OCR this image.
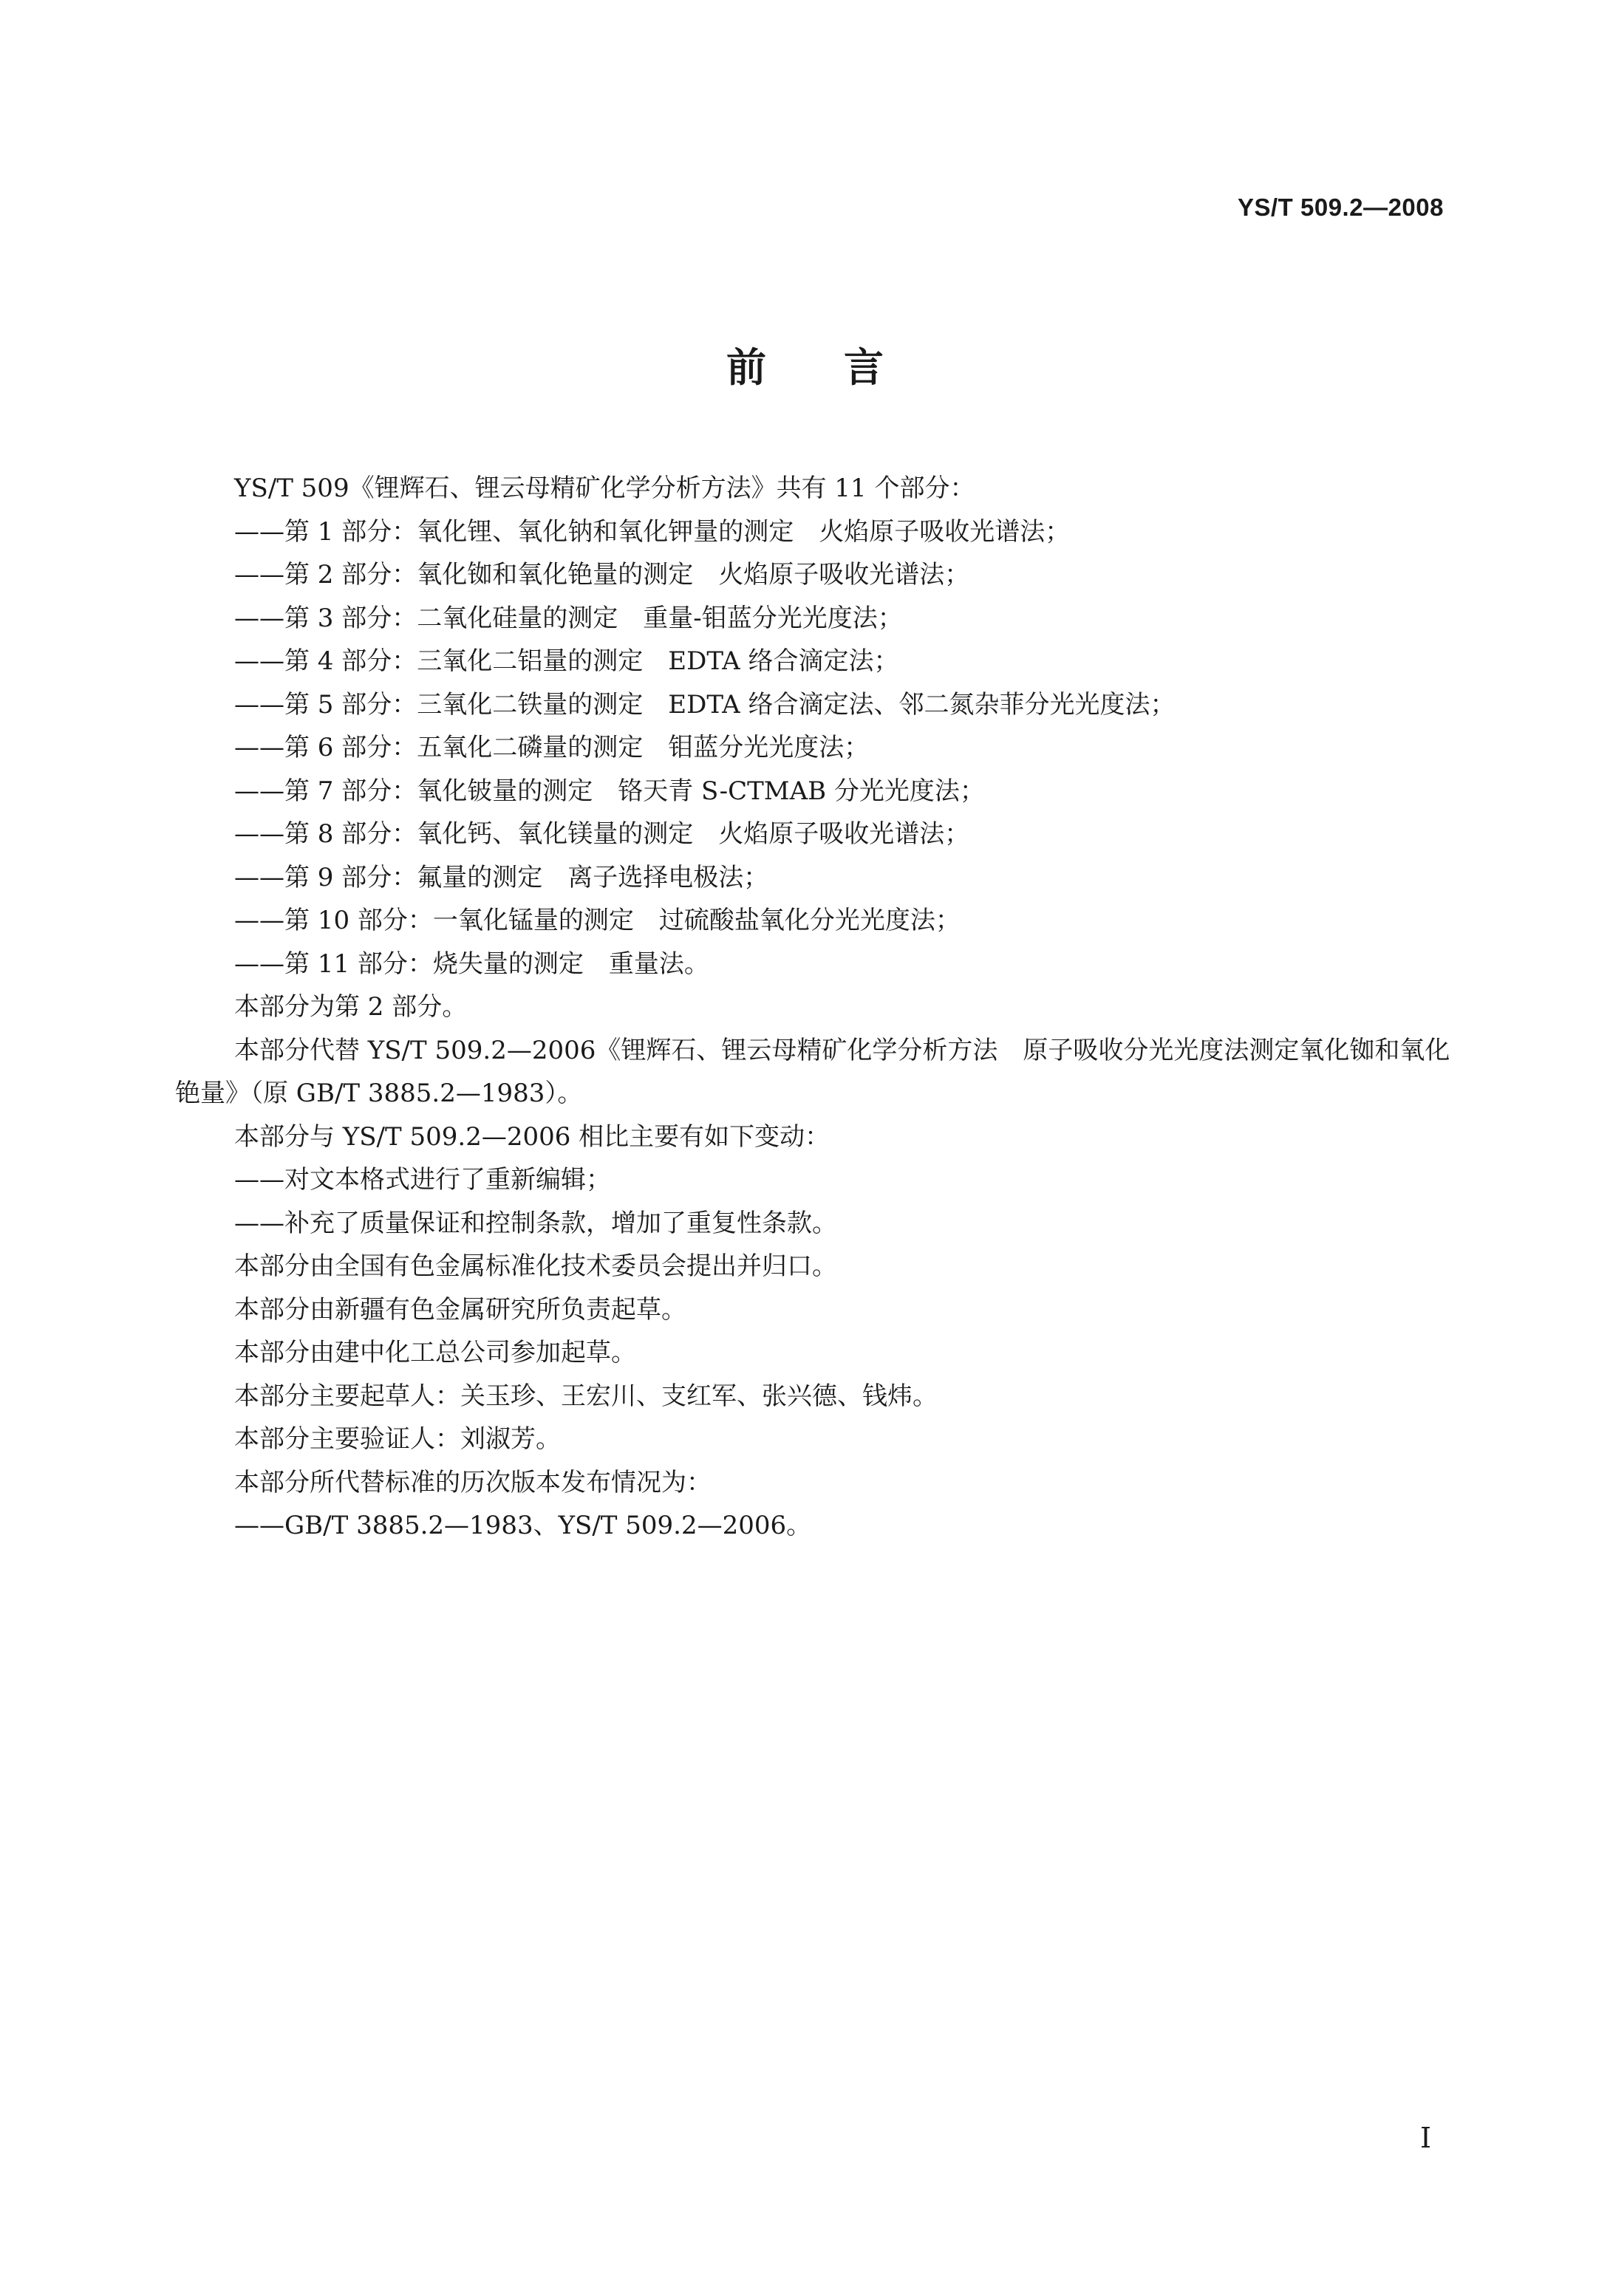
YS/T 509.2—2008
前 言

YS/T 509《锂辉石、锂云母精矿化学分析方法》共有 11 个部分：

——第 1 部分：氧化锂、氧化钠和氧化钾量的测定　火焰原子吸收光谱法；

——第 2 部分：氧化铷和氧化铯量的测定　火焰原子吸收光谱法；

——第 3 部分：二氧化硅量的测定　重量-钼蓝分光光度法；

——第 4 部分：三氧化二铝量的测定　EDTA 络合滴定法；

——第 5 部分：三氧化二铁量的测定　EDTA 络合滴定法、邻二氮杂菲分光光度法；

——第 6 部分：五氧化二磷量的测定　钼蓝分光光度法；

——第 7 部分：氧化铍量的测定　铬天青 S-CTMAB 分光光度法；

——第 8 部分：氧化钙、氧化镁量的测定　火焰原子吸收光谱法；

——第 9 部分：氟量的测定　离子选择电极法；

——第 10 部分：一氧化锰量的测定　过硫酸盐氧化分光光度法；

——第 11 部分：烧失量的测定　重量法。

本部分为第 2 部分。

本部分代替 YS/T 509.2—2006《锂辉石、锂云母精矿化学分析方法　原子吸收分光光度法测定氧化铷和氧化铯量》（原 GB/T 3885.2—1983）。

本部分与 YS/T 509.2—2006 相比主要有如下变动：

——对文本格式进行了重新编辑；

——补充了质量保证和控制条款，增加了重复性条款。

本部分由全国有色金属标准化技术委员会提出并归口。

本部分由新疆有色金属研究所负责起草。

本部分由建中化工总公司参加起草。

本部分主要起草人：关玉珍、王宏川、支红军、张兴德、钱炜。

本部分主要验证人：刘淑芳。

本部分所代替标准的历次版本发布情况为：

——GB/T 3885.2—1983、YS/T 509.2—2006。

I
